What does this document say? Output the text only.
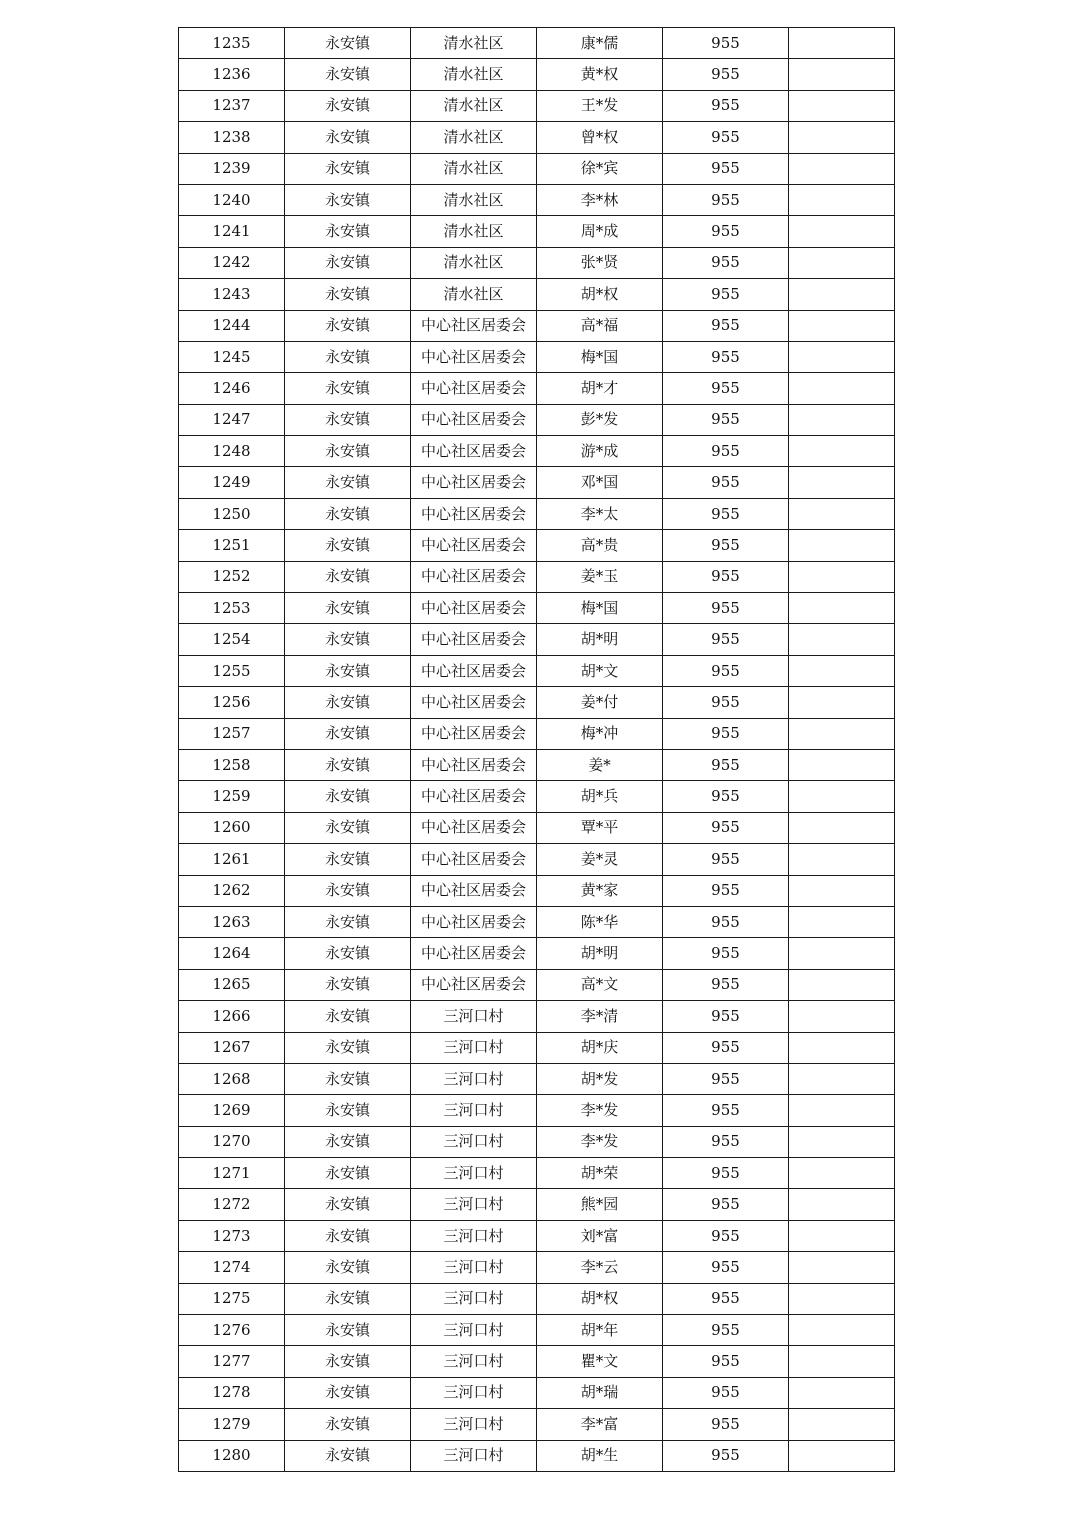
1235	永安镇	清水社区	康*儒	955	
1236	永安镇	清水社区	黄*权	955	
1237	永安镇	清水社区	王*发	955	
1238	永安镇	清水社区	曾*权	955	
1239	永安镇	清水社区	徐*宾	955	
1240	永安镇	清水社区	李*林	955	
1241	永安镇	清水社区	周*成	955	
1242	永安镇	清水社区	张*贤	955	
1243	永安镇	清水社区	胡*权	955	
1244	永安镇	中心社区居委会	高*福	955	
1245	永安镇	中心社区居委会	梅*国	955	
1246	永安镇	中心社区居委会	胡*才	955	
1247	永安镇	中心社区居委会	彭*发	955	
1248	永安镇	中心社区居委会	游*成	955	
1249	永安镇	中心社区居委会	邓*国	955	
1250	永安镇	中心社区居委会	李*太	955	
1251	永安镇	中心社区居委会	高*贵	955	
1252	永安镇	中心社区居委会	姜*玉	955	
1253	永安镇	中心社区居委会	梅*国	955	
1254	永安镇	中心社区居委会	胡*明	955	
1255	永安镇	中心社区居委会	胡*文	955	
1256	永安镇	中心社区居委会	姜*付	955	
1257	永安镇	中心社区居委会	梅*冲	955	
1258	永安镇	中心社区居委会	姜*	955	
1259	永安镇	中心社区居委会	胡*兵	955	
1260	永安镇	中心社区居委会	覃*平	955	
1261	永安镇	中心社区居委会	姜*灵	955	
1262	永安镇	中心社区居委会	黄*家	955	
1263	永安镇	中心社区居委会	陈*华	955	
1264	永安镇	中心社区居委会	胡*明	955	
1265	永安镇	中心社区居委会	高*文	955	
1266	永安镇	三河口村	李*清	955	
1267	永安镇	三河口村	胡*庆	955	
1268	永安镇	三河口村	胡*发	955	
1269	永安镇	三河口村	李*发	955	
1270	永安镇	三河口村	李*发	955	
1271	永安镇	三河口村	胡*荣	955	
1272	永安镇	三河口村	熊*园	955	
1273	永安镇	三河口村	刘*富	955	
1274	永安镇	三河口村	李*云	955	
1275	永安镇	三河口村	胡*权	955	
1276	永安镇	三河口村	胡*年	955	
1277	永安镇	三河口村	瞿*文	955	
1278	永安镇	三河口村	胡*瑞	955	
1279	永安镇	三河口村	李*富	955	
1280	永安镇	三河口村	胡*生	955	
